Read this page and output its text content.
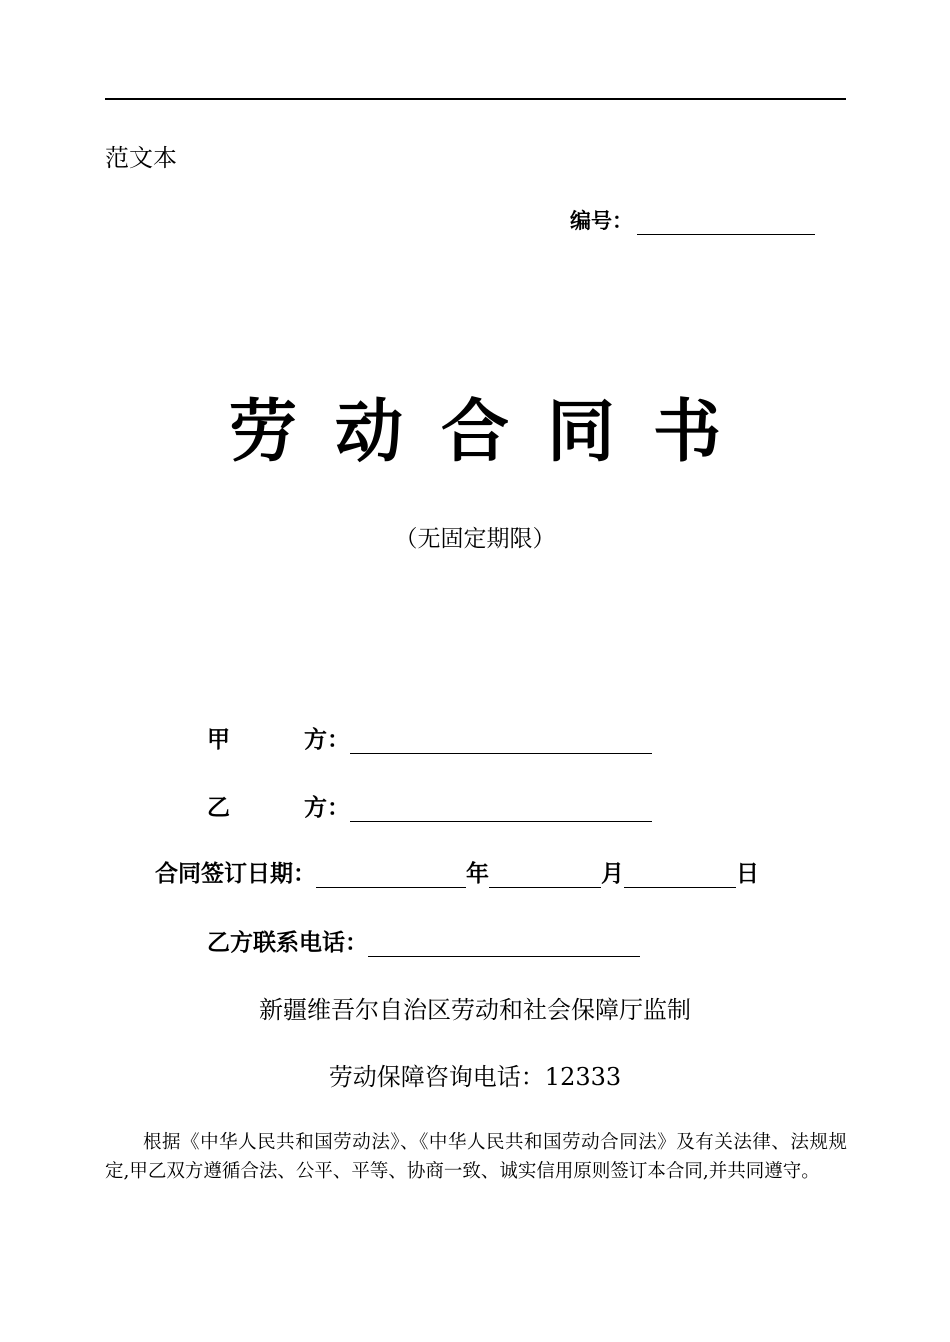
范文本
编号：
劳动合同书
（无固定期限）
甲	方：
乙	方：
合同签订日期：	年	月	日
乙方联系电话：
新疆维吾尔自治区劳动和社会保障厅监制
劳动保障咨询电话：12333
根据《中华人民共和国劳动法》、《中华人民共和国劳动合同法》及有关法律、法规规定,甲乙双方遵循合法、公平、平等、协商一致、诚实信用原则签订本合同,并共同遵守。
